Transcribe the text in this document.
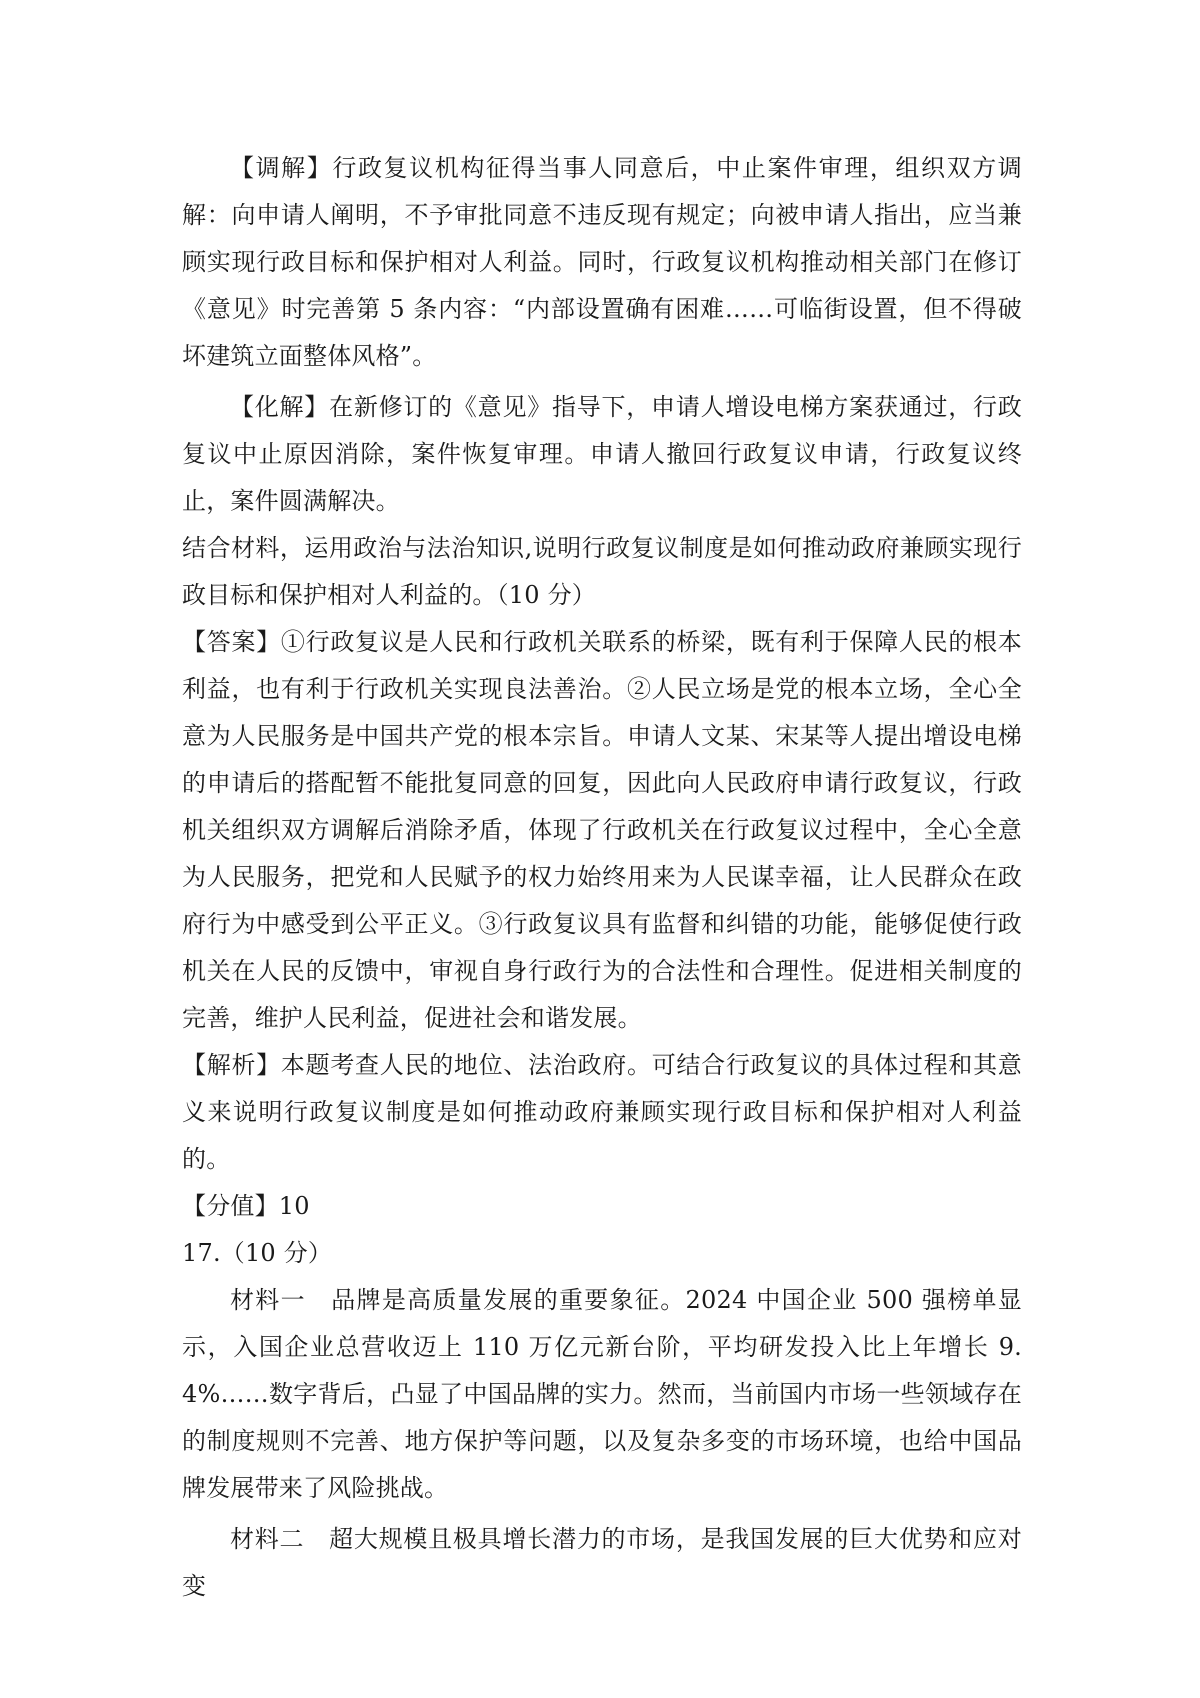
【调解】行政复议机构征得当事人同意后，中止案件审理，组织双方调解：向申请人阐明，不予审批同意不违反现有规定；向被申请人指出，应当兼顾实现行政目标和保护相对人利益。同时，行政复议机构推动相关部门在修订《意见》时完善第 5 条内容：“内部设置确有困难……可临街设置，但不得破坏建筑立面整体风格”。

【化解】在新修订的《意见》指导下，申请人增设电梯方案获通过，行政复议中止原因消除，案件恢复审理。申请人撤回行政复议申请，行政复议终止，案件圆满解决。

结合材料，运用政治与法治知识,说明行政复议制度是如何推动政府兼顾实现行政目标和保护相对人利益的。（10 分）

【答案】①行政复议是人民和行政机关联系的桥梁，既有利于保障人民的根本利益，也有利于行政机关实现良法善治。②人民立场是党的根本立场，全心全意为人民服务是中国共产党的根本宗旨。申请人文某、宋某等人提出增设电梯的申请后的搭配暂不能批复同意的回复，因此向人民政府申请行政复议，行政机关组织双方调解后消除矛盾，体现了行政机关在行政复议过程中，全心全意为人民服务，把党和人民赋予的权力始终用来为人民谋幸福，让人民群众在政府行为中感受到公平正义。③行政复议具有监督和纠错的功能，能够促使行政机关在人民的反馈中，审视自身行政行为的合法性和合理性。促进相关制度的完善，维护人民利益，促进社会和谐发展。

【解析】本题考查人民的地位、法治政府。可结合行政复议的具体过程和其意义来说明行政复议制度是如何推动政府兼顾实现行政目标和保护相对人利益的。

【分值】10

17.（10 分）

材料一　品牌是高质量发展的重要象征。2024 中国企业 500 强榜单显示，入国企业总营收迈上 110 万亿元新台阶，平均研发投入比上年增长 9.4%……数字背后，凸显了中国品牌的实力。然而，当前国内市场一些领域存在的制度规则不完善、地方保护等问题，以及复杂多变的市场环境，也给中国品牌发展带来了风险挑战。

材料二　超大规模且极具增长潜力的市场，是我国发展的巨大优势和应对变
